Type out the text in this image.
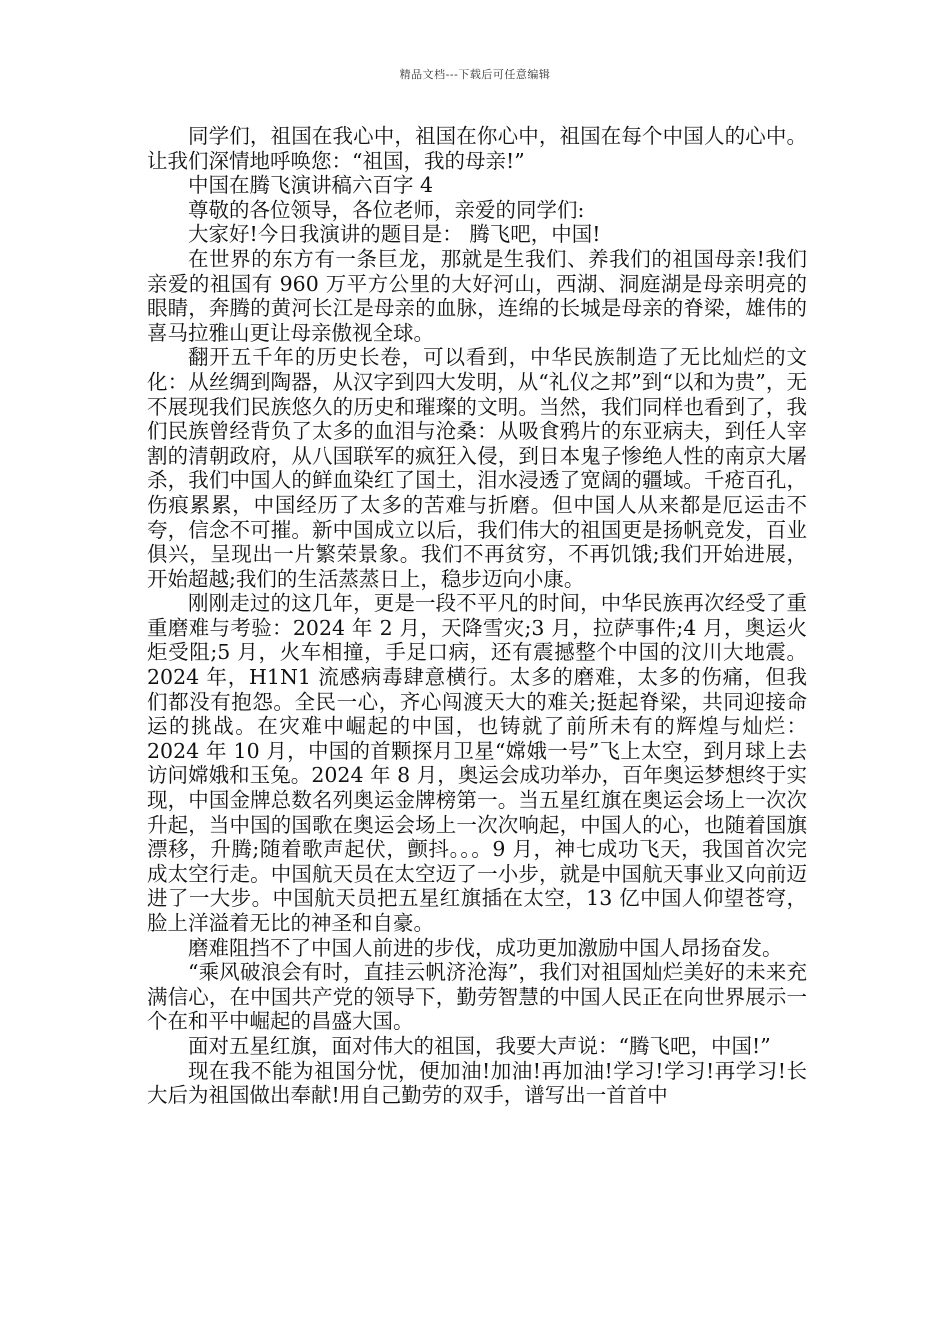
精品文档---下载后可任意编辑

同学们，祖国在我心中，祖国在你心中，祖国在每个中国人的心中。让我们深情地呼唤您：“祖国，我的母亲!”

中国在腾飞演讲稿六百字 4

尊敬的各位领导，各位老师，亲爱的同学们:

大家好!今日我演讲的题目是： 腾飞吧，中国!

在世界的东方有一条巨龙，那就是生我们、养我们的祖国母亲!我们亲爱的祖国有 960 万平方公里的大好河山，西湖、洞庭湖是母亲明亮的眼睛，奔腾的黄河长江是母亲的血脉，连绵的长城是母亲的脊梁，雄伟的喜马拉雅山更让母亲傲视全球。

翻开五千年的历史长卷，可以看到，中华民族制造了无比灿烂的文化：从丝绸到陶器，从汉字到四大发明，从“礼仪之邦”到“以和为贵”，无不展现我们民族悠久的历史和璀璨的文明。当然，我们同样也看到了，我们民族曾经背负了太多的血泪与沧桑：从吸食鸦片的东亚病夫，到任人宰割的清朝政府，从八国联军的疯狂入侵，到日本鬼子惨绝人性的南京大屠杀，我们中国人的鲜血染红了国土，泪水浸透了宽阔的疆域。千疮百孔，伤痕累累，中国经历了太多的苦难与折磨。但中国人从来都是厄运击不夸，信念不可摧。新中国成立以后，我们伟大的祖国更是扬帆竞发，百业俱兴，呈现出一片繁荣景象。我们不再贫穷，不再饥饿;我们开始进展，开始超越;我们的生活蒸蒸日上，稳步迈向小康。

刚刚走过的这几年，更是一段不平凡的时间，中华民族再次经受了重重磨难与考验：2024 年 2 月，天降雪灾;3 月，拉萨事件;4 月，奥运火炬受阻;5 月，火车相撞，手足口病，还有震撼整个中国的汶川大地震。2024 年，H1N1 流感病毒肆意横行。太多的磨难，太多的伤痛，但我们都没有抱怨。全民一心，齐心闯渡天大的难关;挺起脊梁，共同迎接命运的挑战。在灾难中崛起的中国，也铸就了前所未有的辉煌与灿烂：2024 年 10 月，中国的首颗探月卫星“嫦娥一号”飞上太空，到月球上去访问嫦娥和玉兔。2024 年 8 月，奥运会成功举办，百年奥运梦想终于实现，中国金牌总数名列奥运金牌榜第一。当五星红旗在奥运会场上一次次升起，当中国的国歌在奥运会场上一次次响起，中国人的心，也随着国旗漂移，升腾;随着歌声起伏，颤抖。。。9 月，神七成功飞天，我国首次完成太空行走。中国航天员在太空迈了一小步，就是中国航天事业又向前迈进了一大步。中国航天员把五星红旗插在太空，13 亿中国人仰望苍穹，脸上洋溢着无比的神圣和自豪。

磨难阻挡不了中国人前进的步伐，成功更加激励中国人昂扬奋发。

“乘风破浪会有时，直挂云帆济沧海”，我们对祖国灿烂美好的未来充满信心，在中国共产党的领导下，勤劳智慧的中国人民正在向世界展示一个在和平中崛起的昌盛大国。

面对五星红旗，面对伟大的祖国，我要大声说：“腾飞吧，中国!”

现在我不能为祖国分忧，便加油!加油!再加油!学习!学习!再学习!长大后为祖国做出奉献!用自己勤劳的双手，谱写出一首首中
